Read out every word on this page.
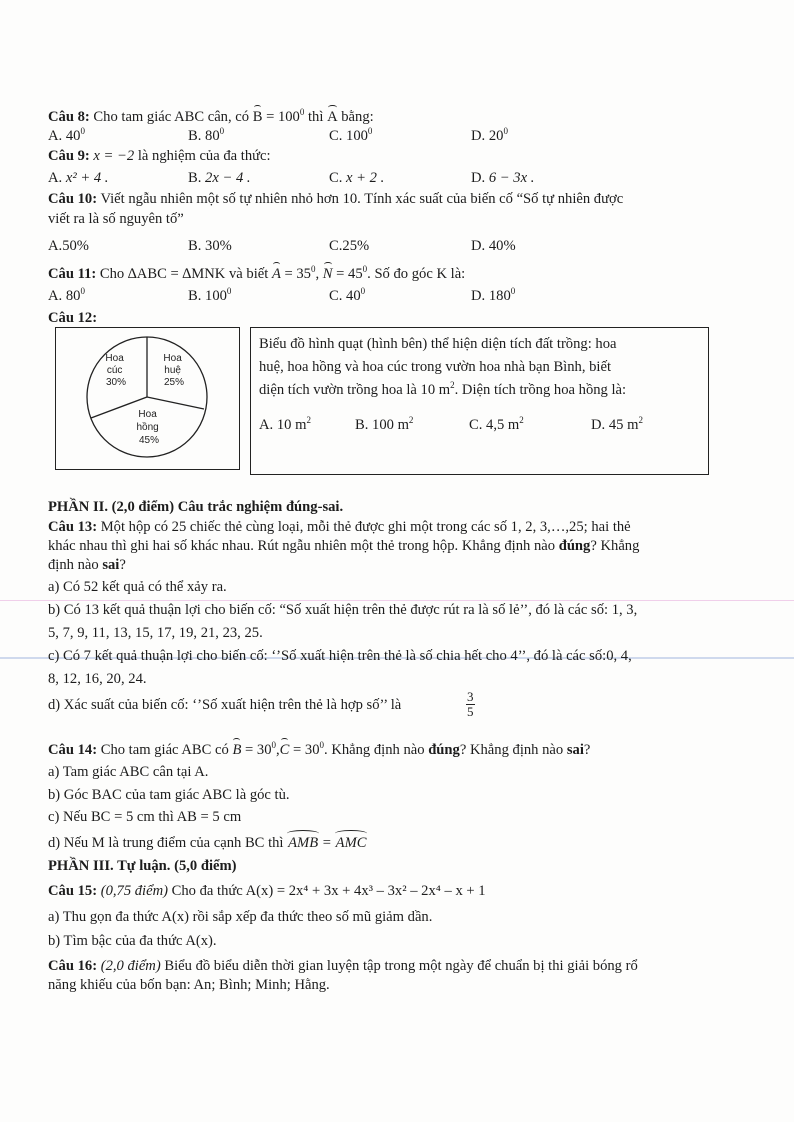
Câu 8: Cho tam giác ABC cân, có $B = 100^0$ thì A bằng:
A. $40^0$	B. $80^0$	C. $100^0$	D. $20^0$
Câu 9: x = −2 là nghiệm của đa thức:
A. x² + 4 .	B. 2x − 4 .	C. x + 2 .	D. 6 − 3x .
Câu 10: Viết ngẫu nhiên một số tự nhiên nhỏ hơn 10. Tính xác suất của biến cố “Số tự nhiên được
viết ra là số nguyên tố”
A.50%	B. 30%	C.25%	D. 40%
Câu 11: Cho ∆ABC = ∆MNK và biết $A = 35^0$, $N = 45^0$. Số đo góc K là:
A. $80^0$	B. $100^0$	C. $40^0$	D. $180^0$
Câu 12:
Hoa cúc 30%
Hoa huệ 25%
Hoa hồng 45%
Biểu đồ hình quạt (hình bên) thể hiện diện tích đất trồng: hoa
huệ, hoa hồng và hoa cúc trong vườn hoa nhà bạn Bình, biết
diện tích vườn trồng hoa là 10 $m^2$. Diện tích trồng hoa hồng là:
A. 10 $m^2$	B. 100 $m^2$	C. 4,5 $m^2$	D. 45 $m^2$
PHẦN II. (2,0 điểm) Câu trắc nghiệm đúng-sai.
Câu 13: Một hộp có 25 chiếc thẻ cùng loại, mỗi thẻ được ghi một trong các số 1, 2, 3,…,25; hai thẻ
khác nhau thì ghi hai số khác nhau. Rút ngẫu nhiên một thẻ trong hộp. Khẳng định nào đúng? Khẳng
định nào sai?
a) Có 52 kết quả có thể xảy ra.
b) Có 13 kết quả thuận lợi cho biến cố: “Số xuất hiện trên thẻ được rút ra là số lẻ’’, đó là các số: 1, 3,
5, 7, 9, 11, 13, 15, 17, 19, 21, 23, 25.
c) Có 7 kết quả thuận lợi cho biến cố: ‘’Số xuất hiện trên thẻ là số chia hết cho 4’’, đó là các số:0, 4,
8, 12, 16, 20, 24.
d) Xác suất của biến cố: ‘’Số xuất hiện trên thẻ là hợp số’’ là	$\frac{3}{5}$
Câu 14: Cho tam giác ABC có $B = 30^0,C = 30^0$. Khẳng định nào đúng? Khẳng định nào sai?
a) Tam giác ABC cân tại A.
b) Góc BAC của tam giác ABC là góc tù.
c) Nếu BC = 5 cm thì AB = 5 cm
d) Nếu M là trung điểm của cạnh BC thì AMB = AMC
PHẦN III. Tự luận. (5,0 điểm)
Câu 15: (0,75 điểm) Cho đa thức A(x) = 2x⁴ + 3x + 4x³ – 3x² – 2x⁴ – x + 1
a) Thu gọn đa thức A(x) rồi sắp xếp đa thức theo số mũ giảm dần.
b) Tìm bậc của đa thức A(x).
Câu 16: (2,0 điểm) Biểu đồ biểu diễn thời gian luyện tập trong một ngày để chuẩn bị thi giải bóng rổ
năng khiếu của bốn bạn: An; Bình; Minh; Hằng.
